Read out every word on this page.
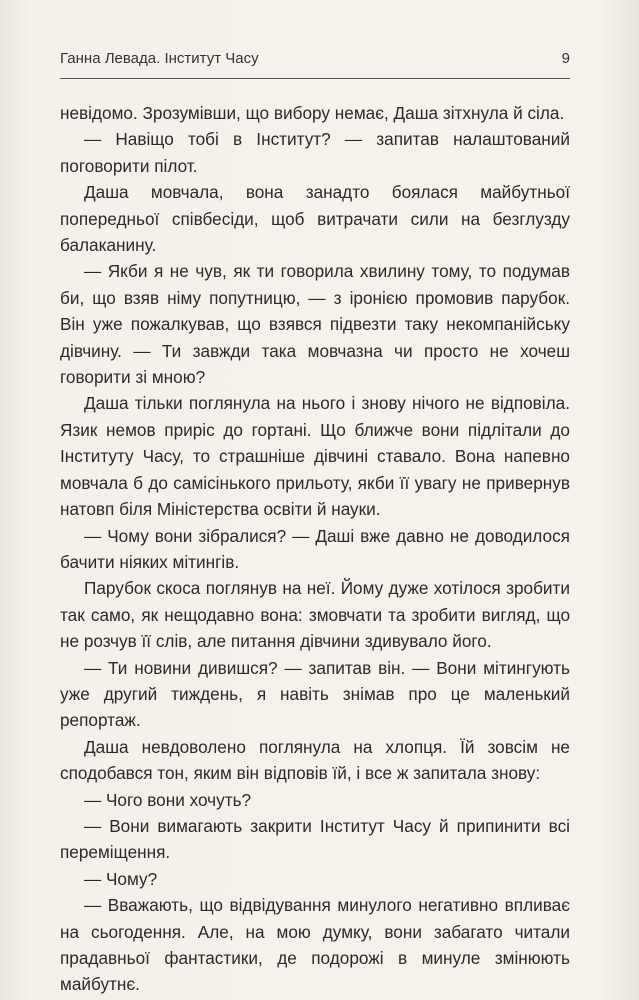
Ганна Левада. Інститут Часу	9

невідомо. Зрозумівши, що вибору немає, Даша зітхнула й сіла.

— Навіщо тобі в Інститут? — запитав налаштований поговорити пілот.

Даша мовчала, вона занадто боялася майбутньої попередньої співбесіди, щоб витрачати сили на безглузду балаканину.

— Якби я не чув, як ти говорила хвилину тому, то подумав би, що взяв німу попутницю, — з іронією промовив парубок. Він уже пожалкував, що взявся підвезти таку некомпанійську дівчину. — Ти завжди така мовчазна чи просто не хочеш говорити зі мною?

Даша тільки поглянула на нього і знову нічого не відповіла. Язик немов приріс до гортані. Що ближче вони підлітали до Інституту Часу, то страшніше дівчині ставало. Вона напевно мовчала б до самісінького прильоту, якби її увагу не привернув натовп біля Міністерства освіти й науки.

— Чому вони зібралися? — Даші вже давно не доводилося бачити ніяких мітингів.

Парубок скоса поглянув на неї. Йому дуже хотілося зробити так само, як нещодавно вона: змовчати та зробити вигляд, що не розчув її слів, але питання дівчини здивувало його.

— Ти новини дивишся? — запитав він. — Вони мітингують уже другий тиждень, я навіть знімав про це маленький репортаж.

Даша невдоволено поглянула на хлопця. Їй зовсім не сподобався тон, яким він відповів їй, і все ж запитала знову:

— Чого вони хочуть?

— Вони вимагають закрити Інститут Часу й припинити всі переміщення.

— Чому?

— Вважають, що відвідування минулого негативно впливає на сьогодення. Але, на мою думку, вони забагато читали прадавньої фантастики, де подорожі в минуле змінюють майбутнє.
